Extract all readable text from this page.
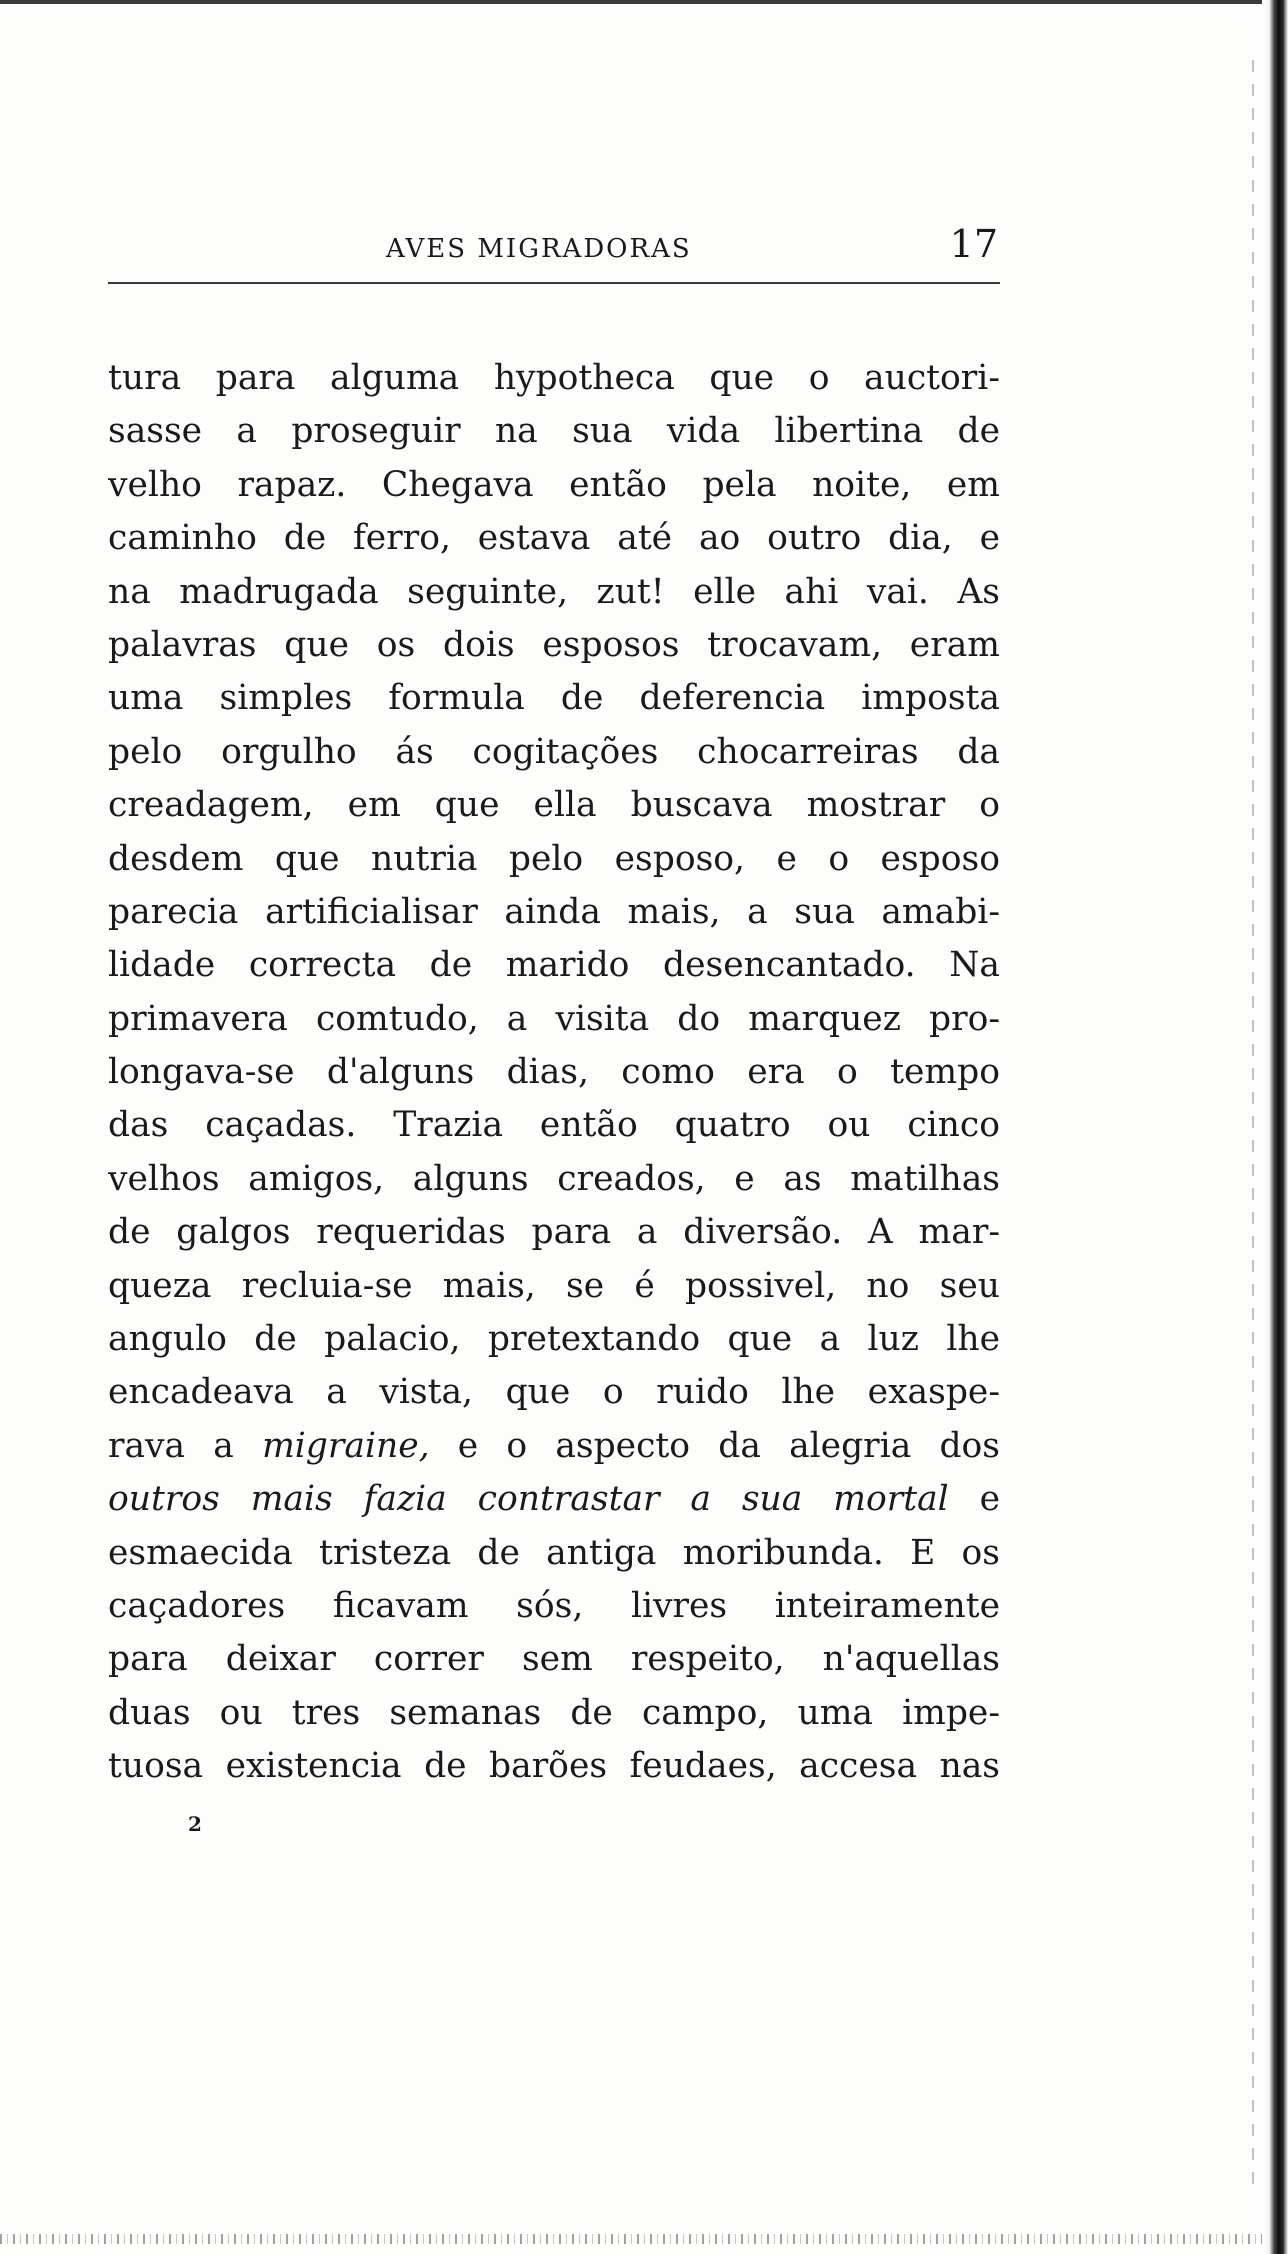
AVES MIGRADORAS	17
tura para alguma hypotheca que o auctori-
sasse a proseguir na sua vida libertina de
velho rapaz. Chegava então pela noite, em
caminho de ferro, estava até ao outro dia, e
na madrugada seguinte, zut! elle ahi vai. As
palavras que os dois esposos trocavam, eram
uma simples formula de deferencia imposta
pelo orgulho ás cogitações chocarreiras da
creadagem, em que ella buscava mostrar o
desdem que nutria pelo esposo, e o esposo
parecia artificialisar ainda mais, a sua amabi-
lidade correcta de marido desencantado. Na
primavera comtudo, a visita do marquez pro-
longava-se d'alguns dias, como era o tempo
das caçadas. Trazia então quatro ou cinco
velhos amigos, alguns creados, e as matilhas
de galgos requeridas para a diversão. A mar-
queza recluia-se mais, se é possivel, no seu
angulo de palacio, pretextando que a luz lhe
encadeava a vista, que o ruido lhe exaspe-
rava a migraine, e o aspecto da alegria dos
outros mais fazia contrastar a sua mortal e
esmaecida tristeza de antiga moribunda. E os
caçadores ficavam sós, livres inteiramente
para deixar correr sem respeito, n'aquellas
duas ou tres semanas de campo, uma impe-
tuosa existencia de barões feudaes, accesa nas
2
